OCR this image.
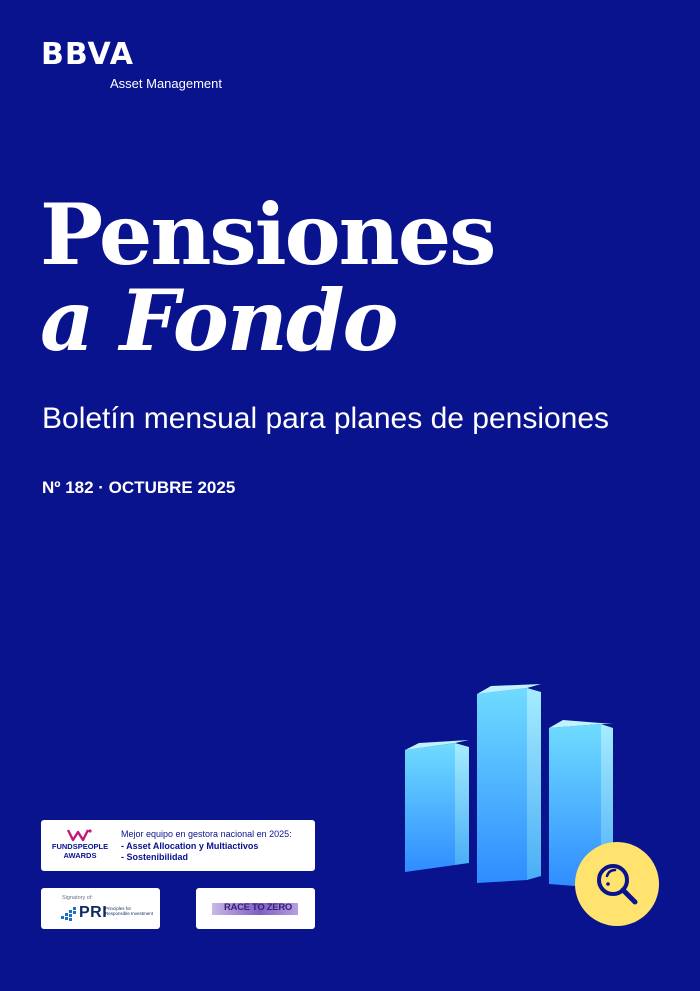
BBVA
Asset Management
Pensiones
a Fondo
Boletín mensual para planes de pensiones
Nº 182 · OCTUBRE 2025
FUNDSPEOPLE
AWARDS
Mejor equipo en gestora nacional en 2025:
- Asset Allocation y Multiactivos
- Sostenibilidad
Signatory of:
PRI
Principles for Responsible Investment
RACE TO ZERO
